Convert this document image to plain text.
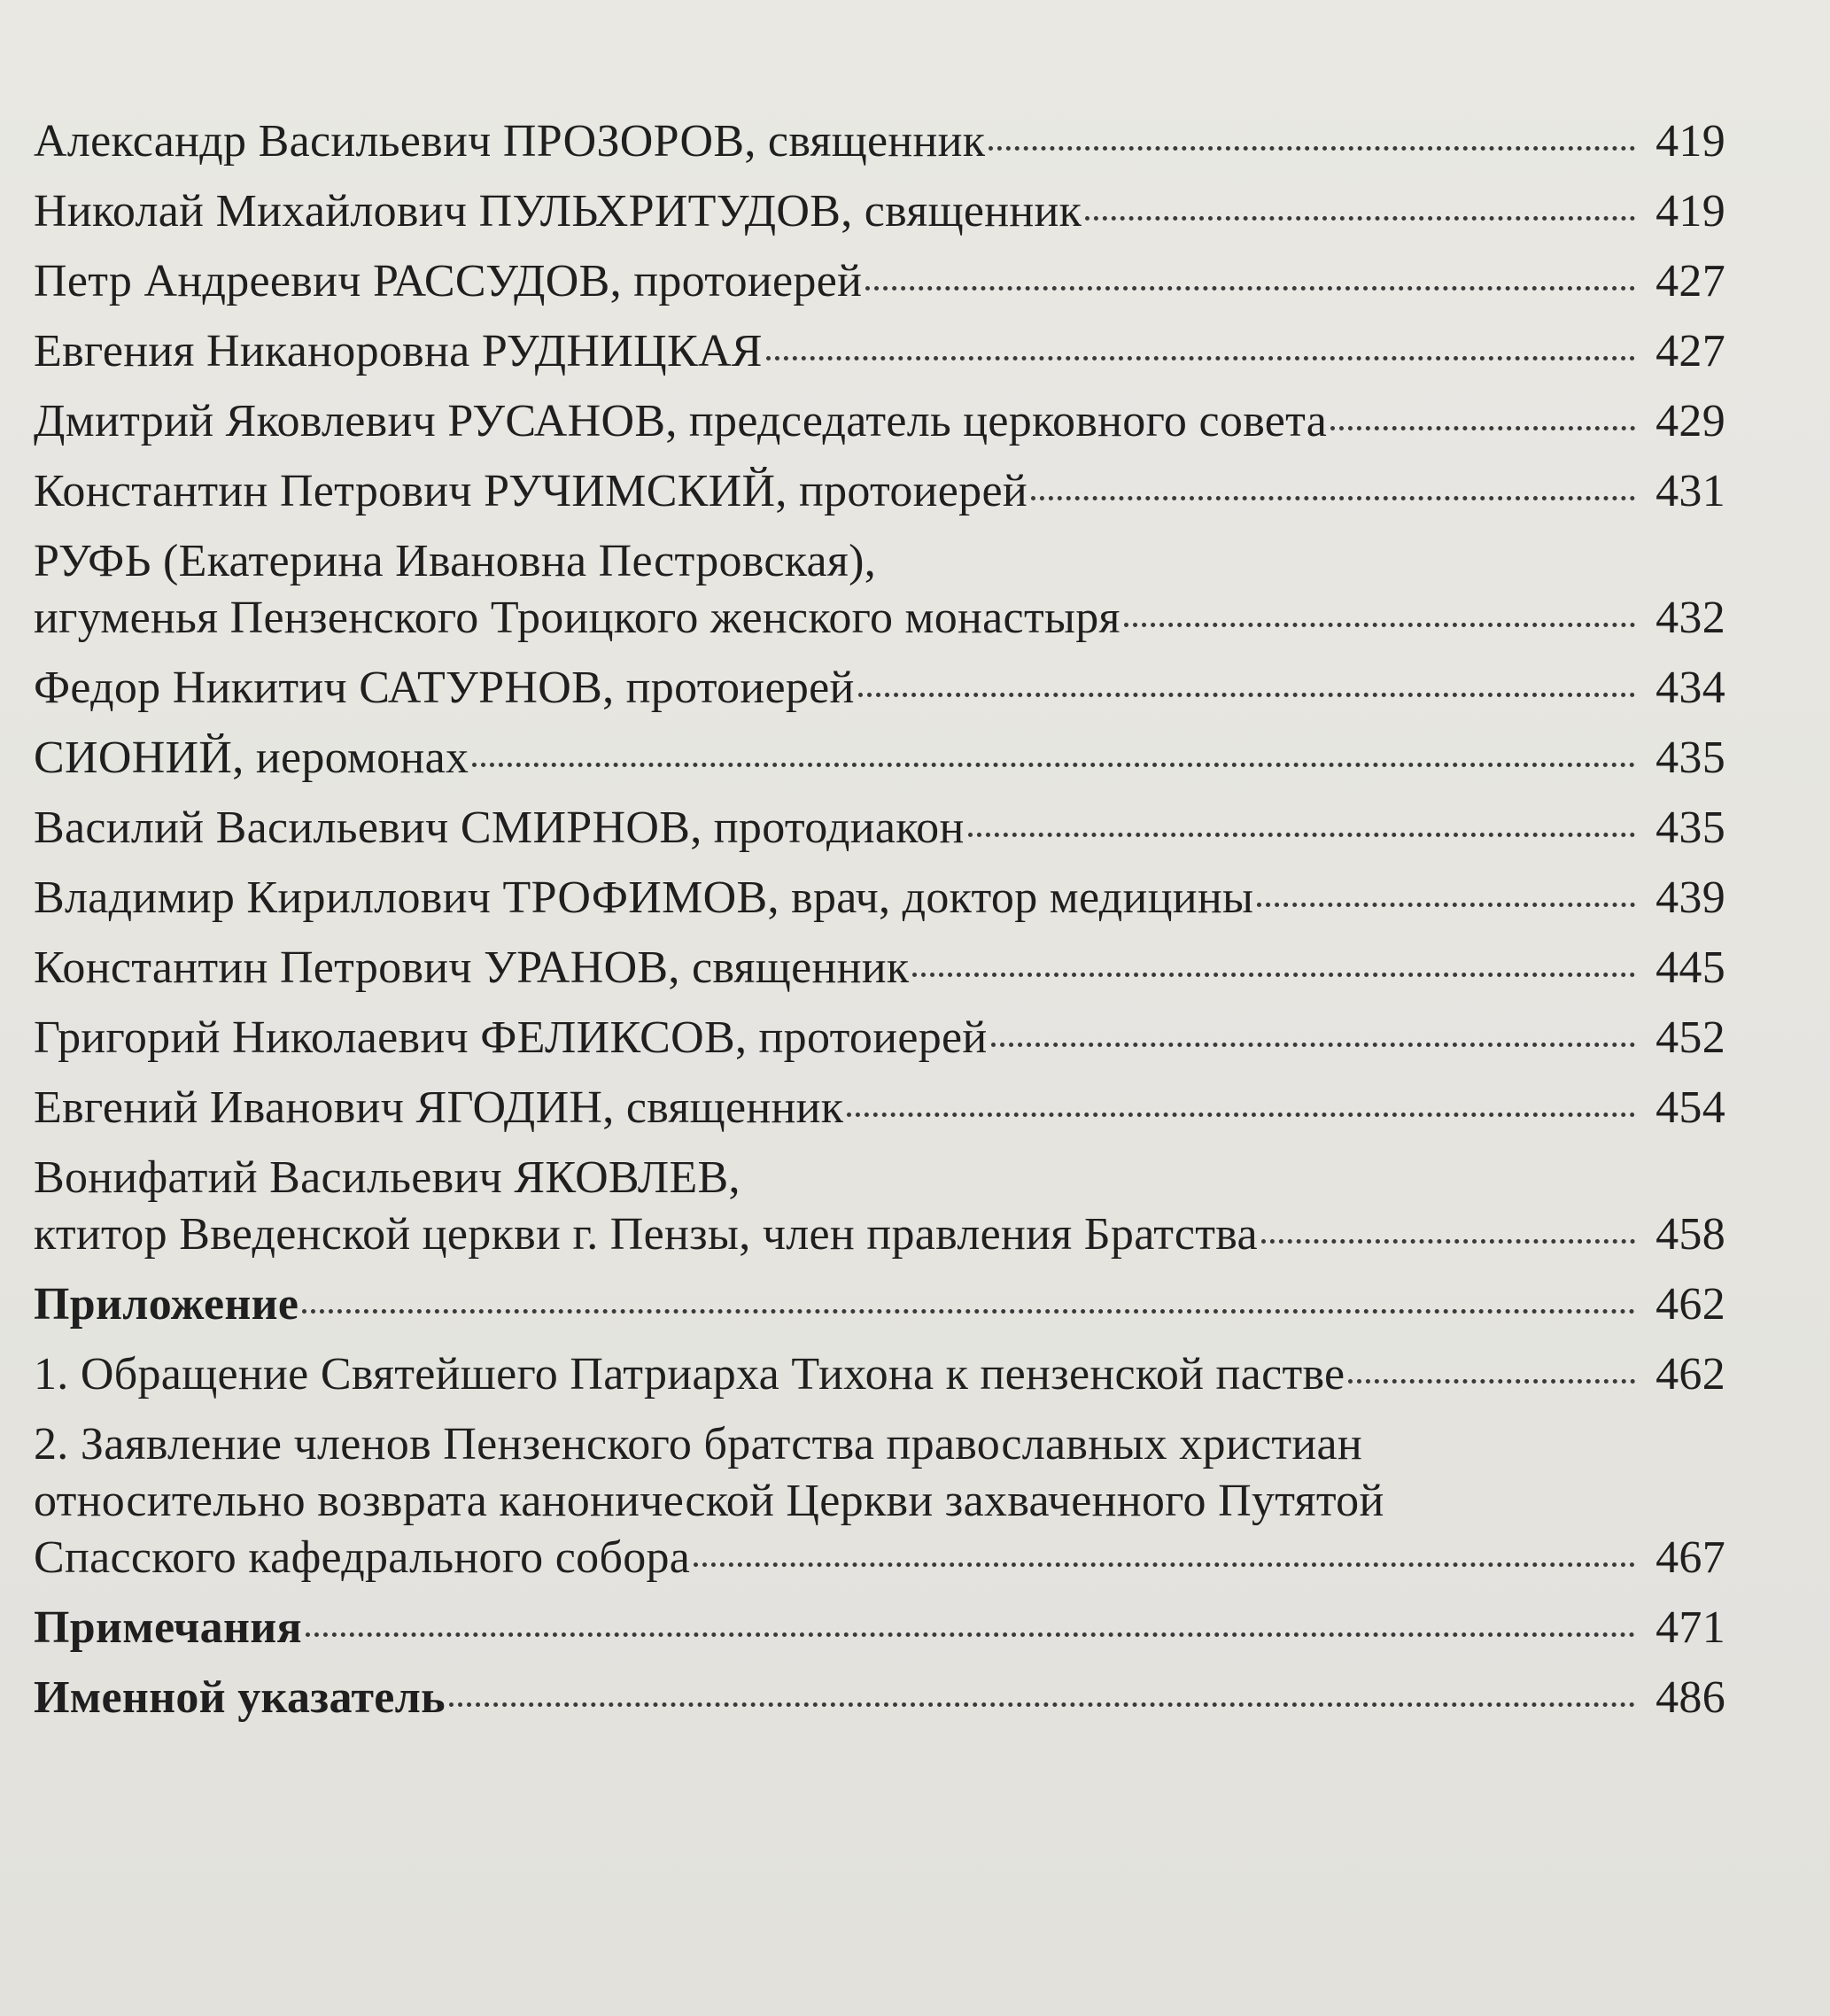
Александр Васильевич ПРОЗОРОВ, священник	419
Николай Михайлович ПУЛЬХРИТУДОВ, священник	419
Петр Андреевич РАССУДОВ, протоиерей	427
Евгения Никаноровна РУДНИЦКАЯ	427
Дмитрий Яковлевич РУСАНОВ, председатель церковного совета	429
Константин Петрович РУЧИМСКИЙ, протоиерей	431
РУФЬ (Екатерина Ивановна Пестровская),
игуменья Пензенского Троицкого женского монастыря	432
Федор Никитич САТУРНОВ, протоиерей	434
СИОНИЙ, иеромонах	435
Василий Васильевич СМИРНОВ, протодиакон	435
Владимир Кириллович ТРОФИМОВ, врач, доктор медицины	439
Константин Петрович УРАНОВ, священник	445
Григорий Николаевич ФЕЛИКСОВ, протоиерей	452
Евгений Иванович ЯГОДИН, священник	454
Вонифатий Васильевич ЯКОВЛЕВ,
ктитор Введенской церкви г. Пензы, член правления Братства	458
Приложение	462
1. Обращение Святейшего Патриарха Тихона к пензенской пастве	462
2. Заявление членов Пензенского братства православных христиан
относительно возврата канонической Церкви захваченного Путятой
Спасского кафедрального собора	467
Примечания	471
Именной указатель	486
